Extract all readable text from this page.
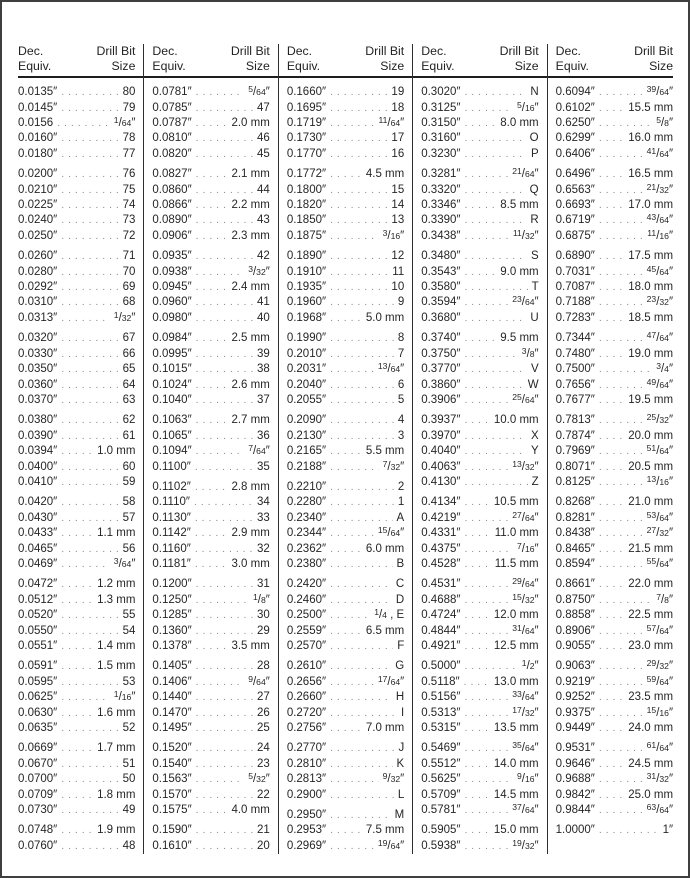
Dec.
Equiv.
Drill Bit
Size
0.0135″ . . .	80
0.0145″ . . .	79
0.0156 . . .	$^1$/64″
0.0160″ . . .	78
0.0180″ . . .	77
0.0200″ . . .	76
0.0210″ . . .	75
0.0225″ . . .	74
0.0240″ . . .	73
0.0250″ . . .	72
0.0260″ . . .	71
0.0280″ . . .	70
0.0292″ . . .	69
0.0310″ . . .	68
0.0313″ . . .	$^1$/32″
0.0320″ . . .	67
0.0330″ . . .	66
0.0350″ . . .	65
0.0360″ . . .	64
0.0370″ . . .	63
0.0380″ . . .	62
0.0390″ . . .	61
0.0394″ . . .	1.0 mm
0.0400″ . . .	60
0.0410″ . . .	59
0.0420″ . . .	58
0.0430″ . . .	57
0.0433″ . . .	1.1 mm
0.0465″ . . .	56
0.0469″ . . .	$^3$/64″
0.0472″ . . .	1.2 mm
0.0512″ . . .	1.3 mm
0.0520″ . . .	55
0.0550″ . . .	54
0.0551″ . . .	1.4 mm
0.0591″ . . .	1.5 mm
0.0595″ . . .	53
0.0625″ . . .	$^1$/16″
0.0630″ . . .	1.6 mm
0.0635″ . . .	52
0.0669″ . . .	1.7 mm
0.0670″ . . .	51
0.0700″ . . .	50
0.0709″ . . .	1.8 mm
0.0730″ . . .	49
0.0748″ . . .	1.9 mm
0.0760″ . . .	48
Dec.
Equiv.
Drill Bit
Size
0.0781″ . . .	$^5$/64″
0.0785″ . . .	47
0.0787″ . . .	2.0 mm
0.0810″ . . .	46
0.0820″ . . .	45
0.0827″ . . .	2.1 mm
0.0860″ . . .	44
0.0866″ . . .	2.2 mm
0.0890″ . . .	43
0.0906″ . . .	2.3 mm
0.0935″ . . .	42
0.0938″ . . .	$^3$/32″
0.0945″ . . .	2.4 mm
0.0960″ . . .	41
0.0980″ . . .	40
0.0984″ . . .	2.5 mm
0.0995″ . . .	39
0.1015″ . . .	38
0.1024″ . . .	2.6 mm
0.1040″ . . .	37
0.1063″ . . .	2.7 mm
0.1065″ . . .	36
0.1094″ . . .	$^7$/64″
0.1100″ . . .	35
0.1102″ . . .	2.8 mm
0.1110″ . . .	34
0.1130″ . . .	33
0.1142″ . . .	2.9 mm
0.1160″ . . .	32
0.1181″ . . .	3.0 mm
0.1200″ . . .	31
0.1250″ . . .	$^1$/8″
0.1285″ . . .	30
0.1360″ . . .	29
0.1378″ . . .	3.5 mm
0.1405″ . . .	28
0.1406″ . . .	$^9$/64″
0.1440″ . . .	27
0.1470″ . . .	26
0.1495″ . . .	25
0.1520″ . . .	24
0.1540″ . . .	23
0.1563″ . . .	$^5$/32″
0.1570″ . . .	22
0.1575″ . . .	4.0 mm
0.1590″ . . .	21
0.1610″ . . .	20
Dec.
Equiv.
Drill Bit
Size
0.1660″ . . .	19
0.1695″ . . .	18
0.1719″ . . .	$^{11}$/64″
0.1730″ . . .	17
0.1770″ . . .	16
0.1772″ . . .	4.5 mm
0.1800″ . . .	15
0.1820″ . . .	14
0.1850″ . . .	13
0.1875″ . . .	$^3$/16″
0.1890″ . . .	12
0.1910″ . . .	11
0.1935″ . . .	10
0.1960″ . . .	9
0.1968″ . . .	5.0 mm
0.1990″ . . .	8
0.2010″ . . .	7
0.2031″ . . .	$^{13}$/64″
0.2040″ . . .	6
0.2055″ . . .	5
0.2090″ . . .	4
0.2130″ . . .	3
0.2165″ . . .	5.5 mm
0.2188″ . . .	$^7$/32″
0.2210″ . . .	2
0.2280″ . . .	1
0.2340″ . . .	A
0.2344″ . . .	$^{15}$/64″
0.2362″ . . .	6.0 mm
0.2380″ . . .	B
0.2420″ . . .	C
0.2460″ . . .	D
0.2500″ . . .	$^1$/4 , E
0.2559″ . . .	6.5 mm
0.2570″ . . .	F
0.2610″ . . .	G
0.2656″ . . .	$^{17}$/64″
0.2660″ . . .	H
0.2720″ . . .	I
0.2756″ . . .	7.0 mm
0.2770″ . . .	J
0.2810″ . . .	K
0.2813″ . . .	$^9$/32″
0.2900″ . . .	L
0.2950″ . . .	M
0.2953″ . . .	7.5 mm
0.2969″ . . .	$^{19}$/64″
Dec.
Equiv.
Drill Bit
Size
0.3020″ . . .	N
0.3125″ . . .	$^5$/16″
0.3150″ . . .	8.0 mm
0.3160″ . . .	O
0.3230″ . . .	P
0.3281″ . . .	$^{21}$/64″
0.3320″ . . .	Q
0.3346″ . . .	8.5 mm
0.3390″ . . .	R
0.3438″ . . .	$^{11}$/32″
0.3480″ . . .	S
0.3543″ . . .	9.0 mm
0.3580″ . . .	T
0.3594″ . . .	$^{23}$/64″
0.3680″ . . .	U
0.3740″ . . .	9.5 mm
0.3750″ . . .	$^3$/8″
0.3770″ . . .	V
0.3860″ . . .	W
0.3906″ . . .	$^{25}$/64″
0.3937″ . . .	10.0 mm
0.3970″ . . .	X
0.4040″ . . .	Y
0.4063″ . . .	$^{13}$/32″
0.4130″ . . .	Z
0.4134″ . . .	10.5 mm
0.4219″ . . .	$^{27}$/64″
0.4331″ . . .	11.0 mm
0.4375″ . . .	$^7$/16″
0.4528″ . . .	11.5 mm
0.4531″ . . .	$^{29}$/64″
0.4688″ . . .	$^{15}$/32″
0.4724″ . . .	12.0 mm
0.4844″ . . .	$^{31}$/64″
0.4921″ . . .	12.5 mm
0.5000″ . . .	$^1$/2″
0.5118″ . . .	13.0 mm
0.5156″ . . .	$^{33}$/64″
0.5313″ . . .	$^{17}$/32″
0.5315″ . . .	13.5 mm
0.5469″ . . .	$^{35}$/64″
0.5512″ . . .	14.0 mm
0.5625″ . . .	$^9$/16″
0.5709″ . . .	14.5 mm
0.5781″ . . .	$^{37}$/64″
0.5905″ . . .	15.0 mm
0.5938″ . . .	$^{19}$/32″
Dec.
Equiv.
Drill Bit
Size
0.6094″ . . .	$^{39}$/64″
0.6102″ . . .	15.5 mm
0.6250″ . . .	$^5$/8″
0.6299″ . . .	16.0 mm
0.6406″ . . .	$^{41}$/64″
0.6496″ . . .	16.5 mm
0.6563″ . . .	$^{21}$/32″
0.6693″ . . .	17.0 mm
0.6719″ . . .	$^{43}$/64″
0.6875″ . . .	$^{11}$/16″
0.6890″ . . .	17.5 mm
0.7031″ . . .	$^{45}$/64″
0.7087″ . . .	18.0 mm
0.7188″ . . .	$^{23}$/32″
0.7283″ . . .	18.5 mm
0.7344″ . . .	$^{47}$/64″
0.7480″ . . .	19.0 mm
0.7500″ . . .	$^3$/4″
0.7656″ . . .	$^{49}$/64″
0.7677″ . . .	19.5 mm
0.7813″ . . .	$^{25}$/32″
0.7874″ . . .	20.0 mm
0.7969″ . . .	$^{51}$/64″
0.8071″ . . .	20.5 mm
0.8125″ . . .	$^{13}$/16″
0.8268″ . . .	21.0 mm
0.8281″ . . .	$^{53}$/64″
0.8438″ . . .	$^{27}$/32″
0.8465″ . . .	21.5 mm
0.8594″ . . .	$^{55}$/64″
0.8661″ . . .	22.0 mm
0.8750″ . . .	$^7$/8″
0.8858″ . . .	22.5 mm
0.8906″ . . .	$^{57}$/64″
0.9055″ . . .	23.0 mm
0.9063″ . . .	$^{29}$/32″
0.9219″ . . .	$^{59}$/64″
0.9252″ . . .	23.5 mm
0.9375″ . . .	$^{15}$/16″
0.9449″ . . .	24.0 mm
0.9531″ . . .	$^{61}$/64″
0.9646″ . . .	24.5 mm
0.9688″ . . .	$^{31}$/32″
0.9842″ . . .	25.0 mm
0.9844″ . . .	$^{63}$/64″
1.0000″ . . .	1″
